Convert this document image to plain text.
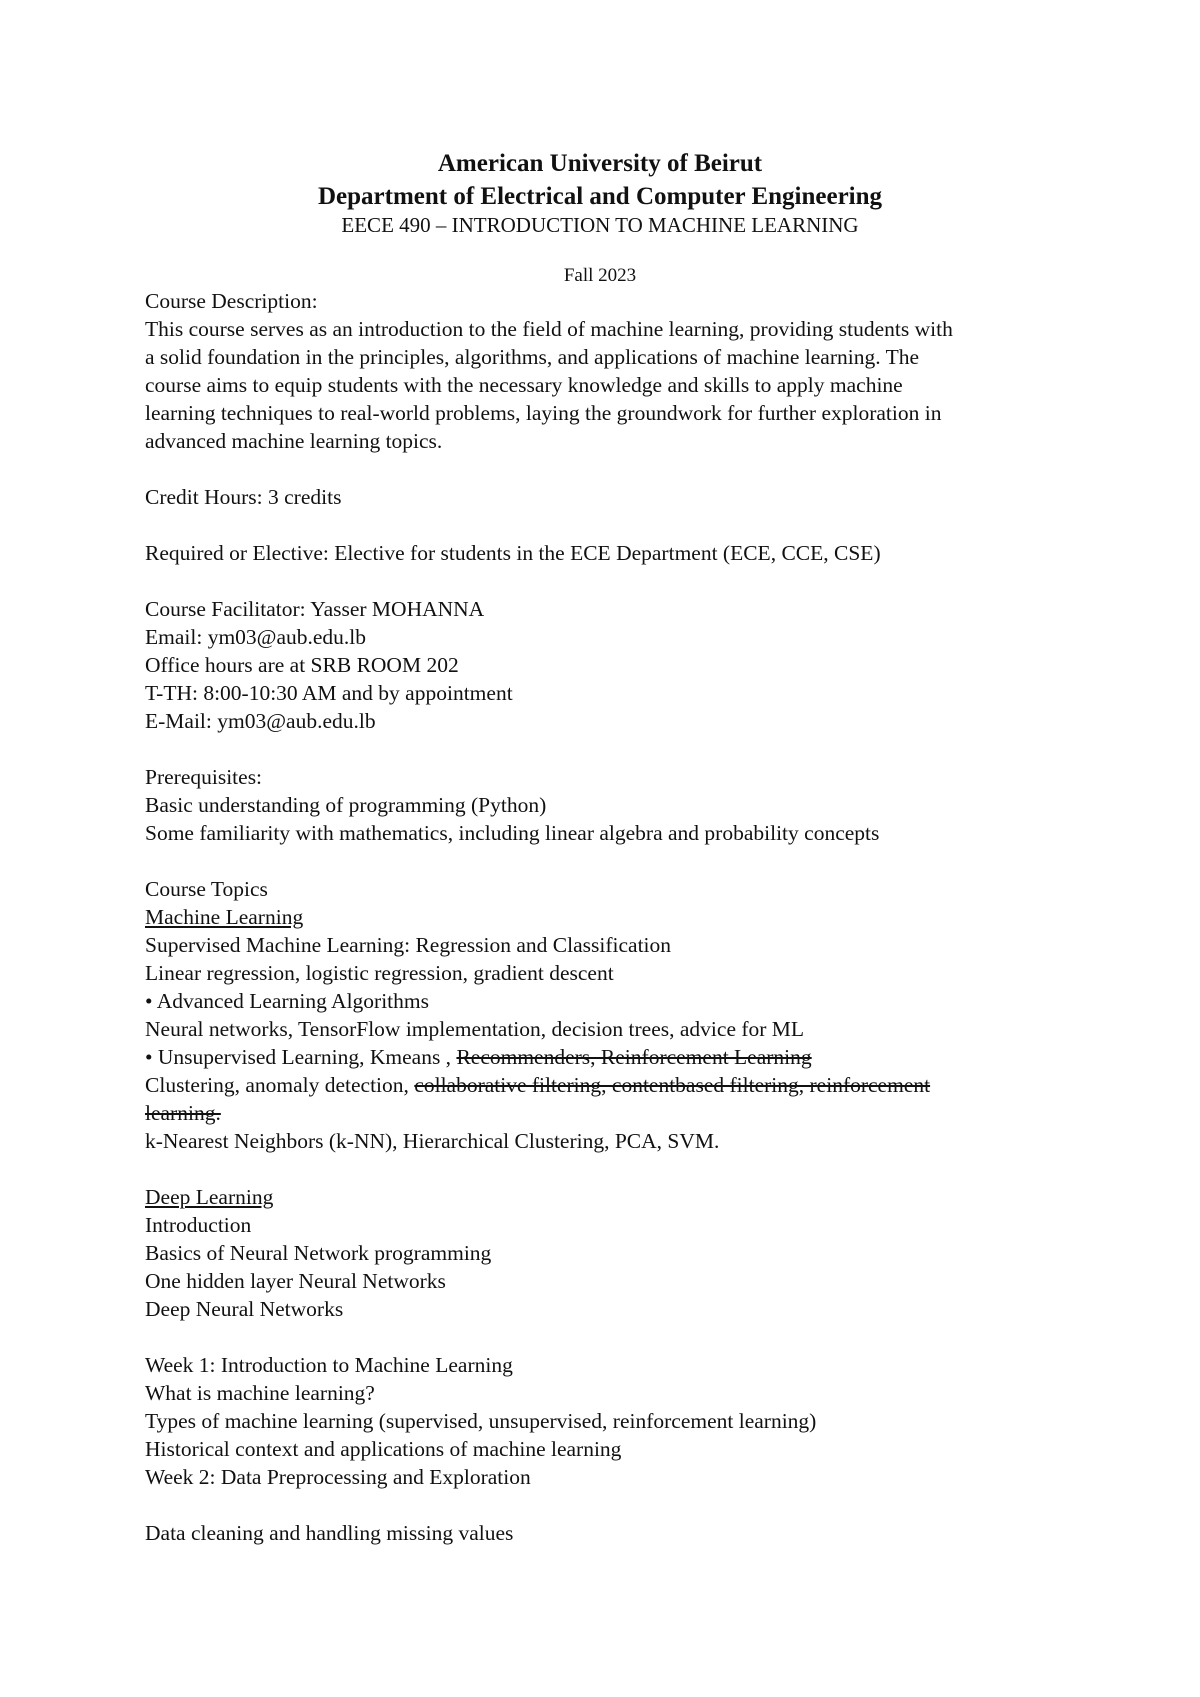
American University of Beirut
Department of Electrical and Computer Engineering
EECE 490 – INTRODUCTION TO MACHINE LEARNING
Fall 2023
Course Description:
This course serves as an introduction to the field of machine learning, providing students with
a solid foundation in the principles, algorithms, and applications of machine learning. The
course aims to equip students with the necessary knowledge and skills to apply machine
learning techniques to real-world problems, laying the groundwork for further exploration in
advanced machine learning topics.
Credit Hours: 3 credits
Required or Elective: Elective for students in the ECE Department (ECE, CCE, CSE)
Course Facilitator: Yasser MOHANNA
Email: ym03@aub.edu.lb
Office hours are at SRB ROOM 202
T-TH: 8:00-10:30 AM and by appointment
E-Mail: ym03@aub.edu.lb
Prerequisites:
Basic understanding of programming (Python)
Some familiarity with mathematics, including linear algebra and probability concepts
Course Topics
Machine Learning
Supervised Machine Learning: Regression and Classification
Linear regression, logistic regression, gradient descent
• Advanced Learning Algorithms
Neural networks, TensorFlow implementation, decision trees, advice for ML
• Unsupervised Learning, Kmeans , Recommenders, Reinforcement Learning
Clustering, anomaly detection, collaborative filtering, contentbased filtering, reinforcement
learning.
k-Nearest Neighbors (k-NN), Hierarchical Clustering, PCA, SVM.
Deep Learning
Introduction
Basics of Neural Network programming
One hidden layer Neural Networks
Deep Neural Networks
Week 1: Introduction to Machine Learning
What is machine learning?
Types of machine learning (supervised, unsupervised, reinforcement learning)
Historical context and applications of machine learning
Week 2: Data Preprocessing and Exploration
Data cleaning and handling missing values
